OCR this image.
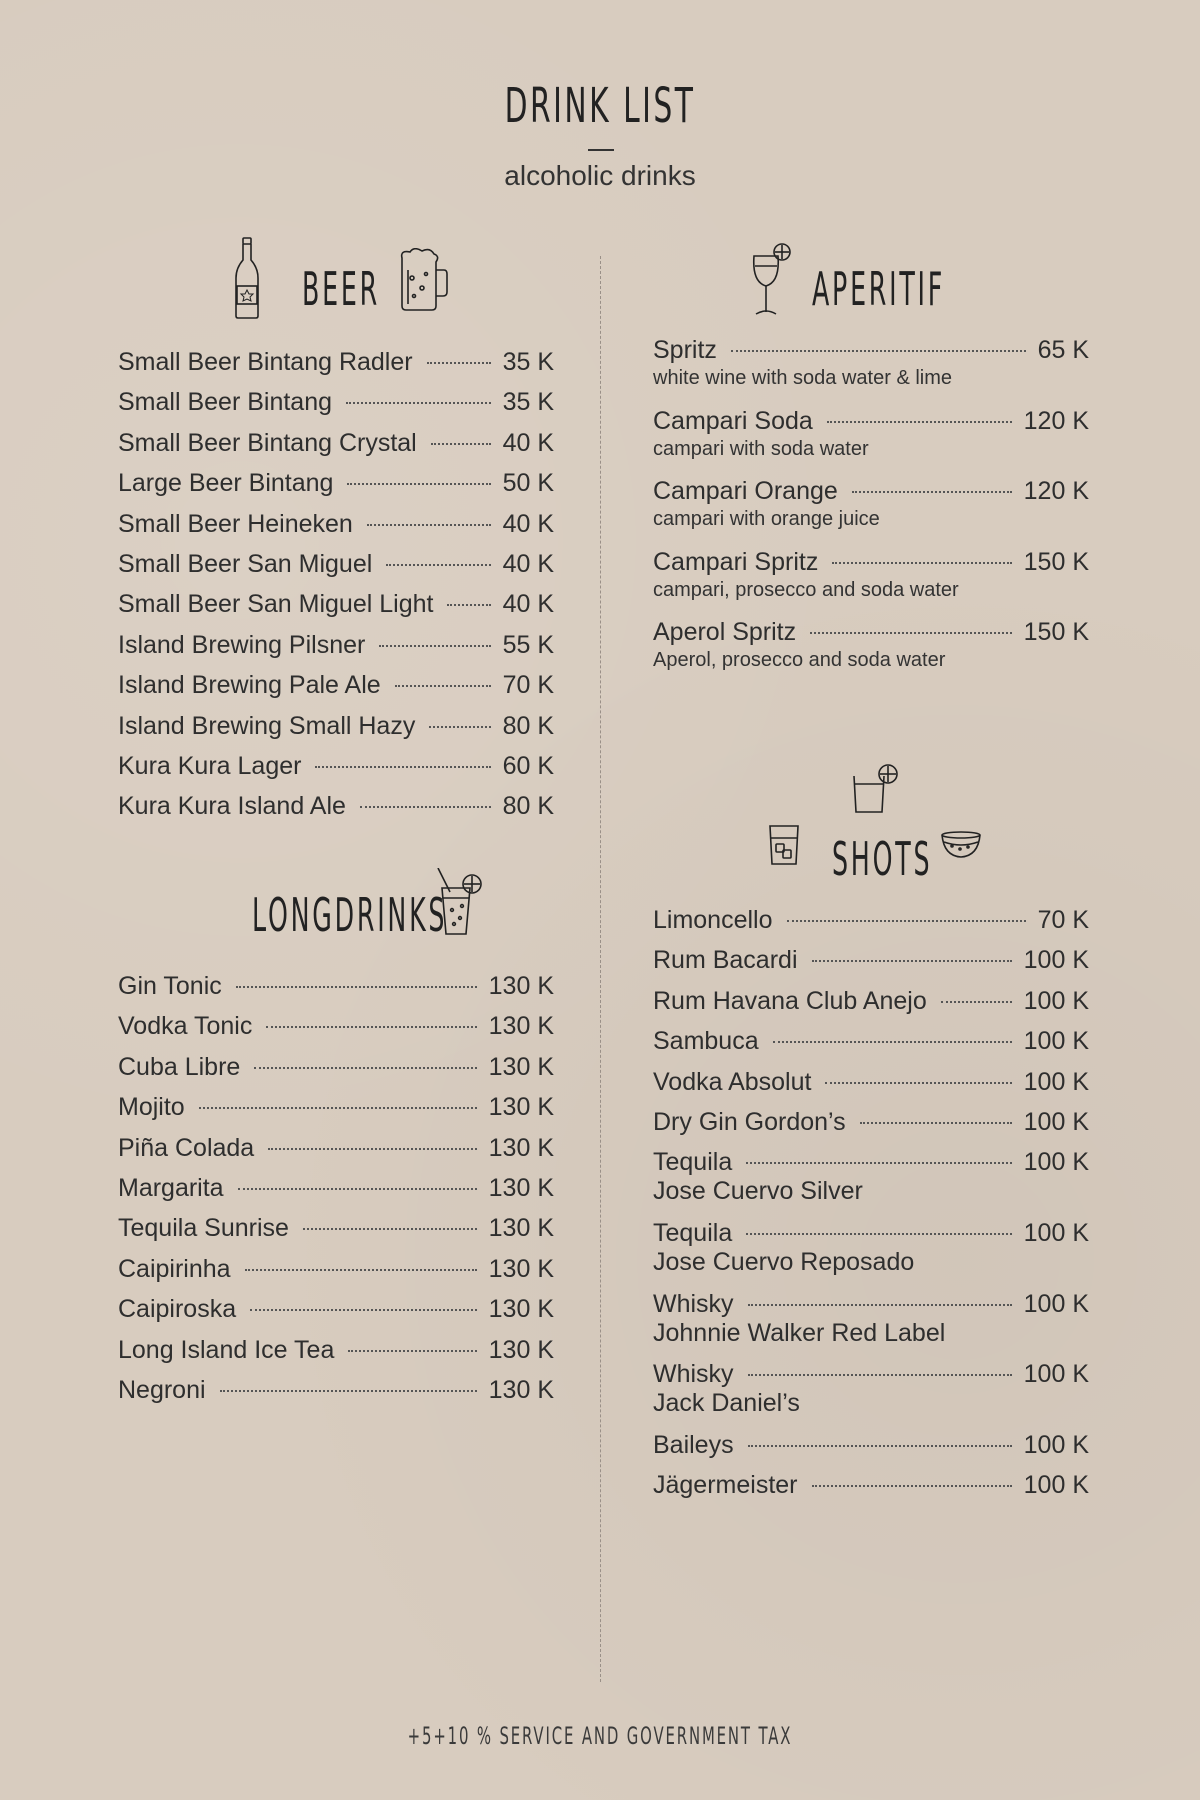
DRINK LIST
alcoholic drinks
BEER
Small Beer Bintang Radler	35 K
Small Beer Bintang	35 K
Small Beer Bintang Crystal	40 K
Large Beer Bintang	50 K
Small Beer Heineken	40 K
Small Beer San Miguel	40 K
Small Beer San Miguel Light	40 K
Island Brewing Pilsner	55 K
Island Brewing Pale Ale	70 K
Island Brewing Small Hazy	80 K
Kura Kura Lager	60 K
Kura Kura Island Ale	80 K
LONGDRINKS
Gin Tonic	130 K
Vodka Tonic	130 K
Cuba Libre	130 K
Mojito	130 K
Piña Colada	130 K
Margarita	130 K
Tequila Sunrise	130 K
Caipirinha	130 K
Caipiroska	130 K
Long Island Ice Tea	130 K
Negroni	130 K
APERITIF
Spritz	65 K
white wine with soda water & lime
Campari Soda	120 K
campari with soda water
Campari Orange	120 K
campari with orange juice
Campari Spritz	150 K
campari, prosecco and soda water
Aperol Spritz	150 K
Aperol, prosecco and soda water
SHOTS
Limoncello	70 K
Rum Bacardi	100 K
Rum Havana Club Anejo	100 K
Sambuca	100 K
Vodka Absolut	100 K
Dry Gin Gordon’s	100 K
Tequila	100 K
Jose Cuervo Silver
Tequila	100 K
Jose Cuervo Reposado
Whisky	100 K
Johnnie Walker Red Label
Whisky	100 K
Jack Daniel’s
Baileys	100 K
Jägermeister	100 K
+5+10 % SERVICE AND GOVERNMENT TAX
